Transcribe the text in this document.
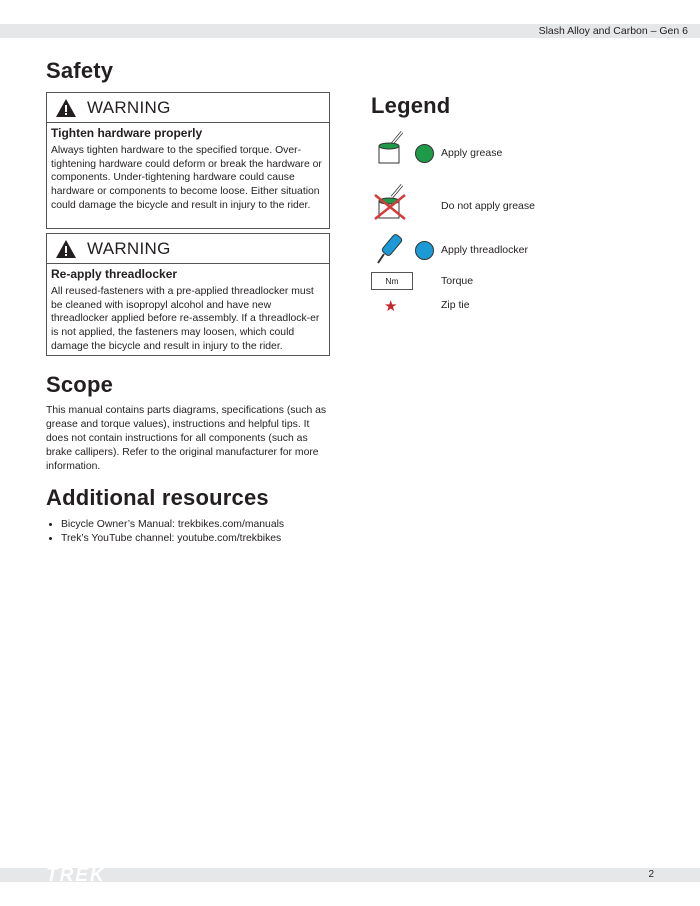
Slash Alloy and Carbon – Gen 6
Safety
WARNING
Tighten hardware properly
Always tighten hardware to the specified torque. Over-tightening hardware could deform or break the hardware or components. Under-tightening hardware could cause hardware or components to become loose. Either situation could damage the bicycle and result in injury to the rider.
WARNING
Re-apply threadlocker
All reused-fasteners with a pre-applied threadlocker must be cleaned with isopropyl alcohol and have new threadlocker applied before re-assembly. If a threadlock-er is not applied, the fasteners may loosen, which could damage the bicycle and result in injury to the rider.
Scope
This manual contains parts diagrams, specifications (such as grease and torque values), instructions and helpful tips. It does not contain instructions for all components (such as brake callipers). Refer to the original manufacturer for more information.
Additional resources
• Bicycle Owner’s Manual: trekbikes.com/manuals
• Trek’s YouTube channel: youtube.com/trekbikes
Legend
Apply grease
Do not apply grease
Apply threadlocker
Nm	Torque
★	Zip tie
TREK	2
